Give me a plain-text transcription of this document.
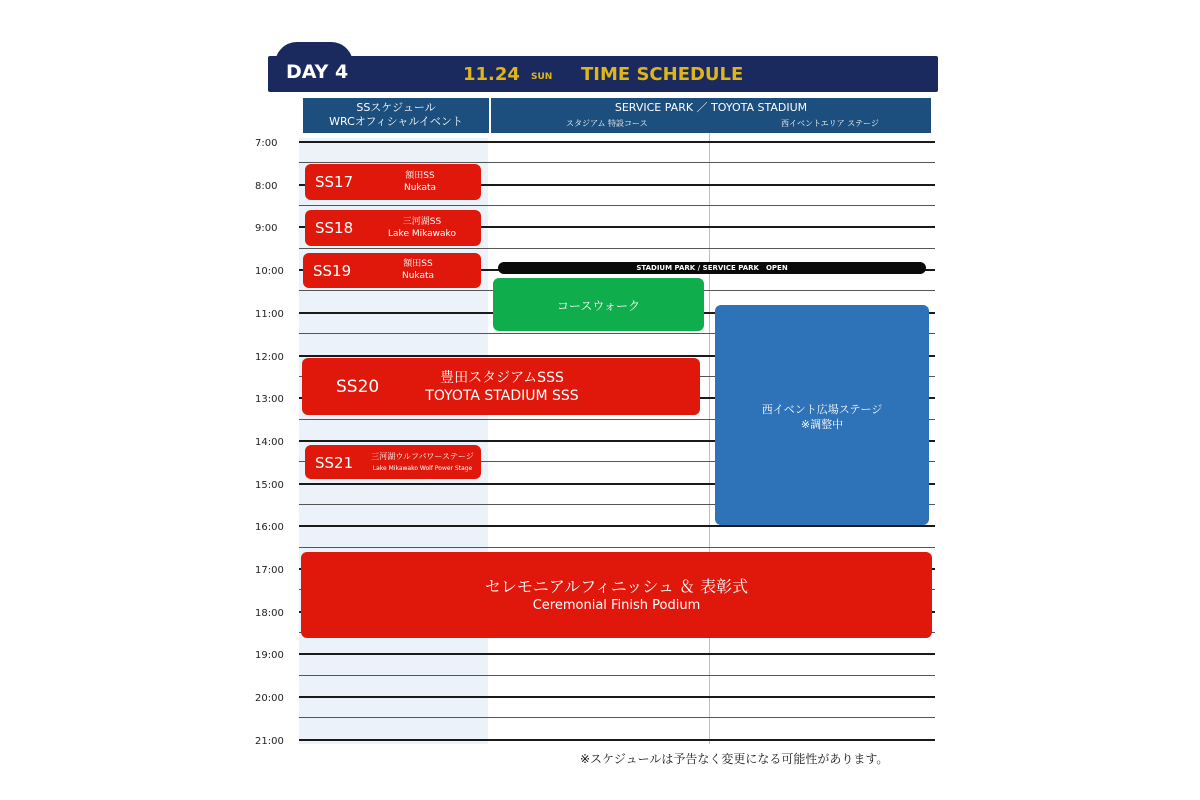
DAY 4	11.24 SUN TIME SCHEDULE
SSスケジュール
WRCオフィシャルイベント
SERVICE PARK ／ TOYOTA STADIUM
スタジアム 特設コース	西イベントエリア ステージ
7:00
8:00
9:00
10:00
11:00
12:00
13:00
14:00
15:00
16:00
17:00
18:00
19:00
20:00
21:00
SS17	額田SS
Nukata
SS18	三河湖SS
Lake Mikawako
SS19	額田SS
Nukata
STADIUM PARK / SERVICE PARK　OPEN
コースウォーク
西イベント広場ステージ
※調整中
SS20	豊田スタジアムSSS
TOYOTA STADIUM SSS
SS21	三河湖ウルフパワーステージ
Lake Mikawako Wolf Power Stage
セレモニアルフィニッシュ ＆ 表彰式
Ceremonial Finish Podium
※スケジュールは予告なく変更になる可能性があります。
